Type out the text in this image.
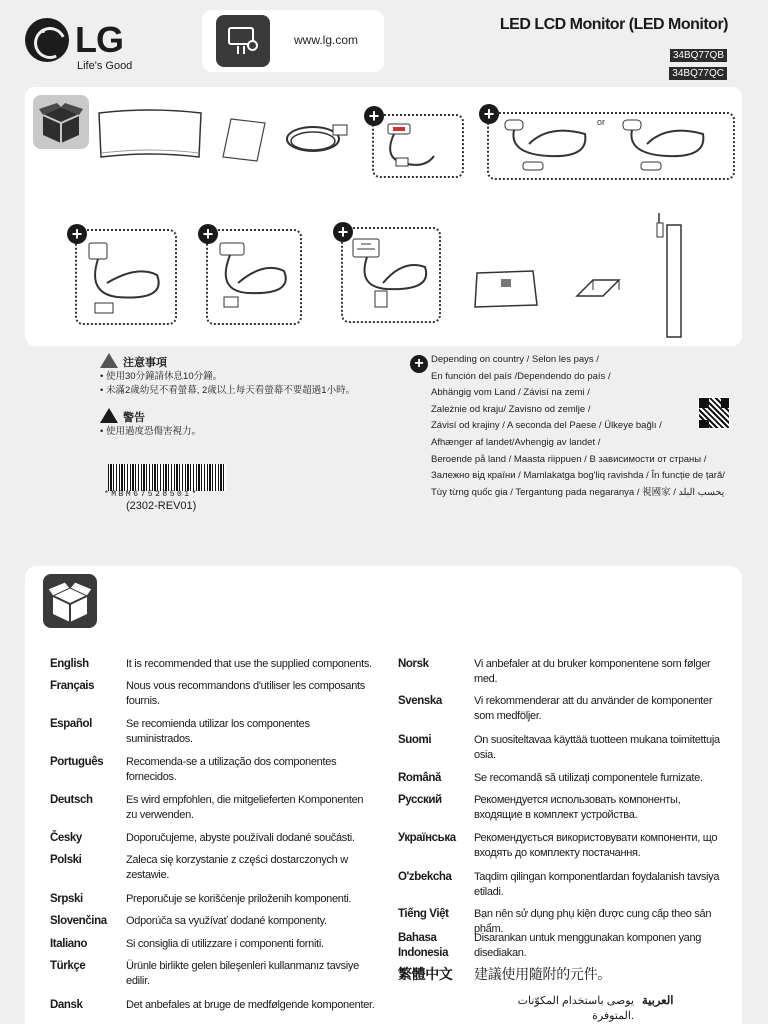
LG
Life's Good
www.lg.com
LED LCD Monitor (LED Monitor)
34BQ77QB
34BQ77QC
+	+	or
+	+	+
注意事項
• 使用30分鐘請休息10分鐘。
• 未滿2歲幼兒不看螢幕, 2歲以上每天看螢幕不要超過1小時。
警告
• 使用過度恐傷害視力。
*MBM67528501*
(2302-REV01)
+ Depending on country / Selon les pays /
En función del país /Dependendo do país /
Abhängig vom Land / Závisí na zemi /
Zależnie od kraju/ Zavisno od zemlje /
Závisí od krajiny / A seconda del Paese / Ülkeye bağlı /
Afhænger af landet/Avhengig av landet /
Beroende på land / Maasta riippuen / В зависимости от страны /
Залежно від країни / Mamlakatga bog'liq ravishda / În funcție de țară/
Tùy từng quốc gia / Tergantung pada negaranya / 視國家 / يحسب البلد
English	It is recommended that use the supplied components.
Français	Nous vous recommandons d'utiliser les composants fournis.
Español	Se recomienda utilizar los componentes suministrados.
Português Recomenda-se a utilização dos componentes fornecidos.
Deutsch	Es wird empfohlen, die mitgelieferten Komponenten zu verwenden.
Česky	Doporučujeme, abyste používali dodané součásti.
Polski	Zaleca się korzystanie z części dostarczonych w zestawie.
Srpski	Preporučuje se korišćenje priloženih komponenti.
Slovenčina Odporúča sa využívať dodané komponenty.
Italiano	Si consiglia di utilizzare i componenti forniti.
Türkçe	Ürünle birlikte gelen bileşenleri kullanmanız tavsiye edilir.
Dansk	Det anbefales at bruge de medfølgende komponenter.
Norsk	Vi anbefaler at du bruker komponentene som følger med.
Svenska	Vi rekommenderar att du använder de komponenter som medföljer.
Suomi	On suositeltavaa käyttää tuotteen mukana toimitettuja osia.
Română	Se recomandă să utilizați componentele furnizate.
Русский	Рекомендуется использовать компоненты, входящие в комплект устройства.
Українська Рекомендується використовувати компоненти, що входять до комплекту постачання.
O'zbekcha Taqdim qilingan komponentlardan foydalanish tavsiya etiladi.
Tiếng Việt Bạn nên sử dụng phụ kiện được cung cấp theo sản phẩm.
Bahasa Indonesia
Disarankan untuk menggunakan komponen yang disediakan.
繁體中文 建議使用隨附的元件。
العربية
يوصى باستخدام المكوّنات المتوفرة.
